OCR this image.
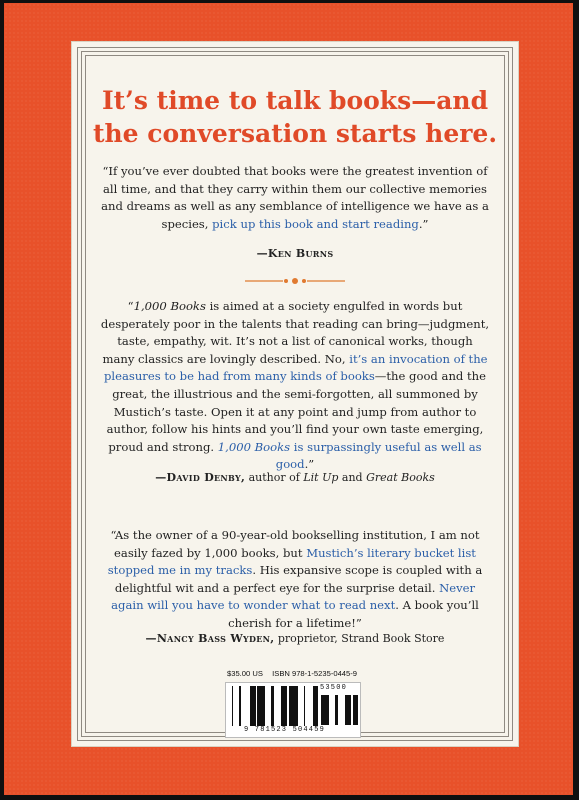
It’s time to talk books—and
the conversation starts here.

“If you’ve ever doubted that books were the greatest invention of all time, and that they carry within them our collective memories and dreams as well as any semblance of intelligence we have as a species, pick up this book and start reading.”

—Ken Burns

“1,000 Books is aimed at a society engulfed in words but desperately poor in the talents that reading can bring—judgment, taste, empathy, wit. It’s not a list of canonical works, though many classics are lovingly described. No, it’s an invocation of the pleasures to be had from many kinds of books—the good and the great, the illustrious and the semi-forgotten, all summoned by Mustich’s taste. Open it at any point and jump from author to author, follow his hints and you’ll find your own taste emerging, proud and strong. 1,000 Books is surpassingly useful as well as good.”

—David Denby, author of Lit Up and Great Books

“As the owner of a 90-year-old bookselling institution, I am not easily fazed by 1,000 books, but Mustich’s literary bucket list stopped me in my tracks. His expansive scope is coupled with a delightful wit and a perfect eye for the surprise detail. Never again will you have to wonder what to read next. A book you’ll cherish for a lifetime!”

—Nancy Bass Wyden, proprietor, Strand Book Store

$35.00 US ISBN 978-1-5235-0445-9
9 781523 504459
53500
